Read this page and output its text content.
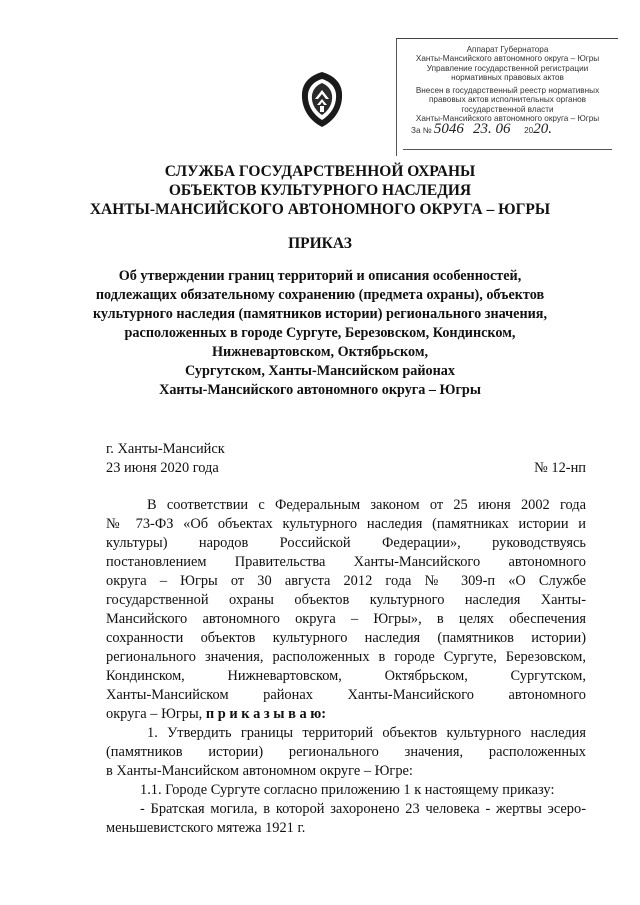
Аппарат Губернатора
Ханты-Мансийского автономного округа – Югры
Управление государственной регистрации
нормативных правовых актов
Внесен в государственный реестр нормативных
правовых актов исполнительных органов
государственной власти
Ханты-Мансийского автономного округа – Югры
За № 5046 23. 06 2020.
СЛУЖБА ГОСУДАРСТВЕННОЙ ОХРАНЫ
ОБЪЕКТОВ КУЛЬТУРНОГО НАСЛЕДИЯ
ХАНТЫ-МАНСИЙСКОГО АВТОНОМНОГО ОКРУГА – ЮГРЫ
ПРИКАЗ
Об утверждении границ территорий и описания особенностей,
подлежащих обязательному сохранению (предмета охраны), объектов
культурного наследия (памятников истории) регионального значения,
расположенных в городе Сургуте, Березовском, Кондинском,
Нижневартовском, Октябрьском,
Сургутском, Ханты-Мансийском районах
Ханты-Мансийского автономного округа – Югры
г. Ханты-Мансийск
23 июня 2020 года	№ 12-нп
В соответствии с Федеральным законом от 25 июня 2002 года
№ 73-ФЗ «Об объектах культурного наследия (памятниках истории и
культуры) народов Российской Федерации», руководствуясь
постановлением Правительства Ханты-Мансийского автономного
округа – Югры от 30 августа 2012 года № 309-п «О Службе
государственной охраны объектов культурного наследия Ханты-
Мансийского автономного округа – Югры», в целях обеспечения
сохранности объектов культурного наследия (памятников истории)
регионального значения, расположенных в городе Сургуте, Березовском,
Кондинском, Нижневартовском, Октябрьском, Сургутском,
Ханты-Мансийском районах Ханты-Мансийского автономного
округа – Югры, п р и к а з ы в а ю:
1. Утвердить границы территорий объектов культурного наследия
(памятников истории) регионального значения, расположенных
в Ханты-Мансийском автономном округе – Югре:
1.1. Городе Сургуте согласно приложению 1 к настоящему приказу:
- Братская могила, в которой захоронено 23 человека - жертвы эсеро-
меньшевистского мятежа 1921 г.
